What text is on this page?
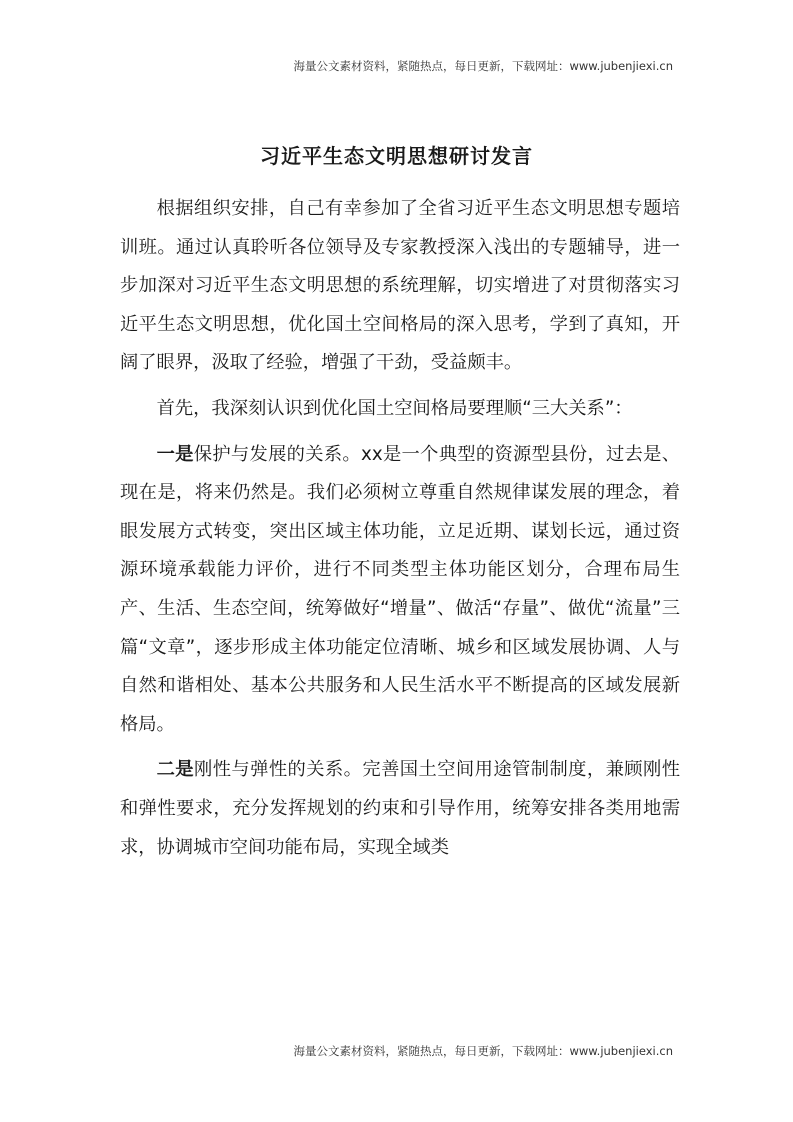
海量公文素材资料，紧随热点，每日更新，下载网址：www.jubenjiexi.cn
习近平生态文明思想研讨发言

根据组织安排，自己有幸参加了全省习近平生态文明思想专题培训班。通过认真聆听各位领导及专家教授深入浅出的专题辅导，进一步加深对习近平生态文明思想的系统理解，切实增进了对贯彻落实习近平生态文明思想，优化国土空间格局的深入思考，学到了真知，开阔了眼界，汲取了经验，增强了干劲，受益颇丰。

首先，我深刻认识到优化国土空间格局要理顺“三大关系”：

一是保护与发展的关系。xx是一个典型的资源型县份，过去是、现在是，将来仍然是。我们必须树立尊重自然规律谋发展的理念，着眼发展方式转变，突出区域主体功能，立足近期、谋划长远，通过资源环境承载能力评价，进行不同类型主体功能区划分，合理布局生产、生活、生态空间，统筹做好“增量”、做活“存量”、做优“流量”三篇“文章”，逐步形成主体功能定位清晰、城乡和区域发展协调、人与自然和谐相处、基本公共服务和人民生活水平不断提高的区域发展新格局。

二是刚性与弹性的关系。完善国土空间用途管制制度，兼顾刚性和弹性要求，充分发挥规划的约束和引导作用，统筹安排各类用地需求，协调城市空间功能布局，实现全域类

海量公文素材资料，紧随热点，每日更新，下载网址：www.jubenjiexi.cn
